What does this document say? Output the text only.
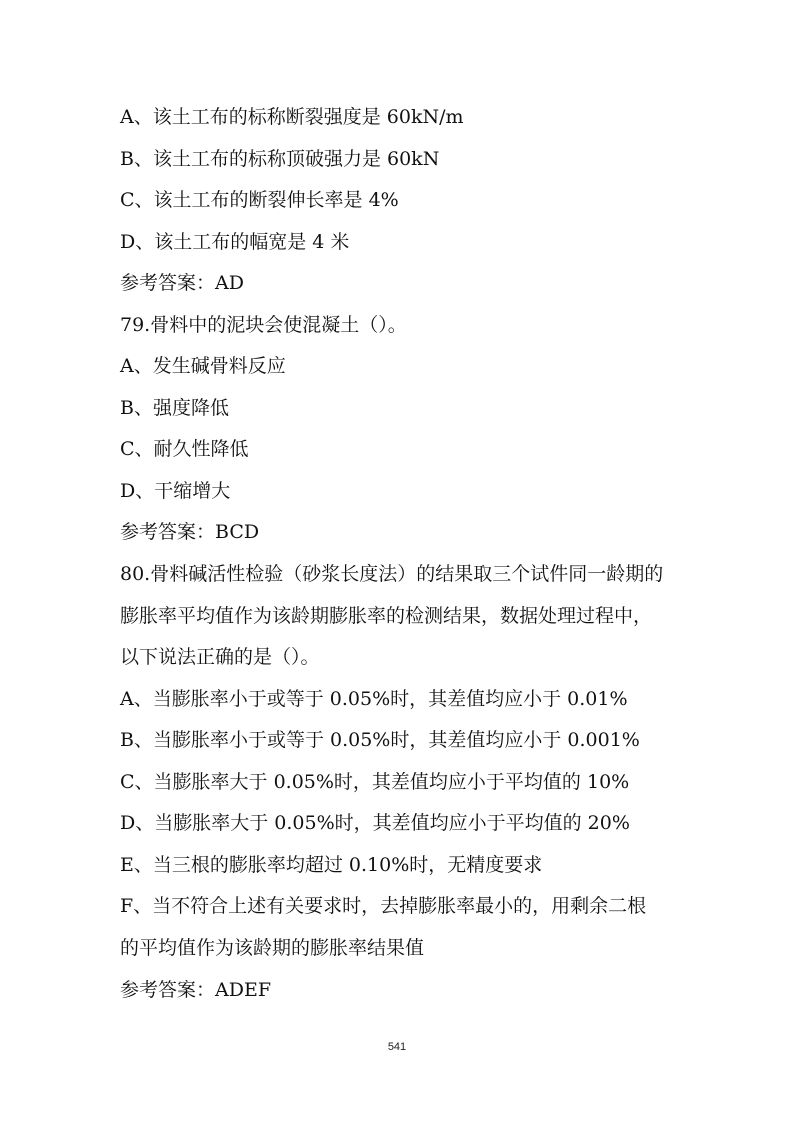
A、该土工布的标称断裂强度是 60kN/m
B、该土工布的标称顶破强力是 60kN
C、该土工布的断裂伸长率是 4%
D、该土工布的幅宽是 4 米
参考答案：AD
79.骨料中的泥块会使混凝土（）。
A、发生碱骨料反应
B、强度降低
C、耐久性降低
D、干缩增大
参考答案：BCD
80.骨料碱活性检验（砂浆长度法）的结果取三个试件同一龄期的
膨胀率平均值作为该龄期膨胀率的检测结果，数据处理过程中，
以下说法正确的是（）。
A、当膨胀率小于或等于 0.05%时，其差值均应小于 0.01%
B、当膨胀率小于或等于 0.05%时，其差值均应小于 0.001%
C、当膨胀率大于 0.05%时，其差值均应小于平均值的 10%
D、当膨胀率大于 0.05%时，其差值均应小于平均值的 20%
E、当三根的膨胀率均超过 0.10%时，无精度要求
F、当不符合上述有关要求时，去掉膨胀率最小的，用剩余二根
的平均值作为该龄期的膨胀率结果值
参考答案：ADEF
541
